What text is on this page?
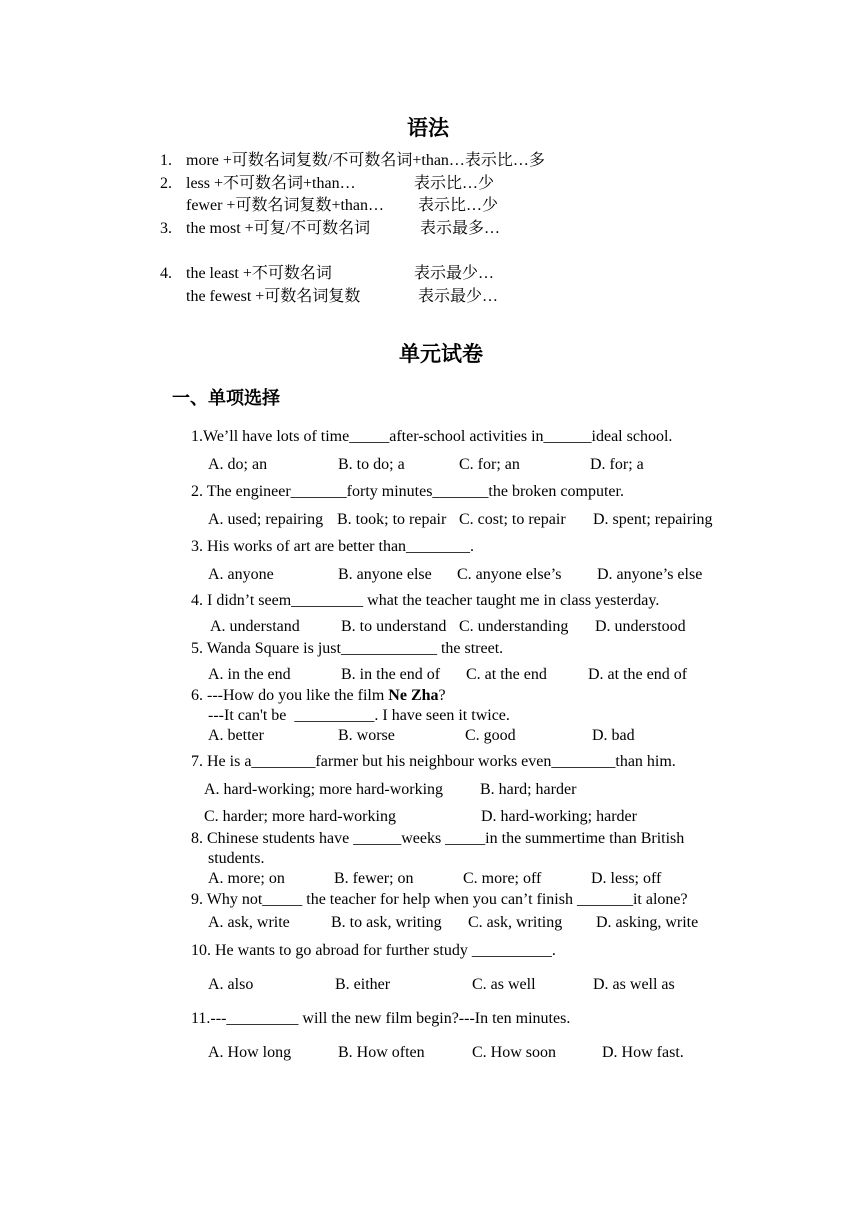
语法
1. more +可数名词复数/不可数名词+than…表示比…多
2. less +不可数名词+than…	表示比…少
fewer +可数名词复数+than… 表示比…少
3. the most +可复/不可数名词	表示最多…
4. the least +不可数名词	表示最少…
the fewest +可数名词复数	表示最少…
单元试卷
一、单项选择
1.We’ll have lots of time_____after-school activities in______ideal school.
A. do; an	B. to do; a	C. for; an	D. for; a
2. The engineer_______forty minutes_______the broken computer.
A. used; repairing B. took; to repair C. cost; to repair D. spent; repairing
3. His works of art are better than________.
A. anyone	B. anyone else C. anyone else’s D. anyone’s else
4. I didn’t seem_________ what the teacher taught me in class yesterday.
A. understand	B. to understand C. understanding D. understood
5. Wanda Square is just____________ the street.
A. in the end	B. in the end of C. at the end	D. at the end of
6. ---How do you like the film Ne Zha?
---It can't be  __________. I have seen it twice.
A. better	B. worse	C. good	D. bad
7. He is a________farmer but his neighbour works even________than him.
A. hard-working; more hard-working B. hard; harder
C. harder; more hard-working	D. hard-working; harder
8. Chinese students have ______weeks _____in the summertime than British
students.
A. more; on	B. fewer; on	C. more; off	D. less; off
9. Why not_____ the teacher for help when you can’t finish _______it alone?
A. ask, write	B. to ask, writing C. ask, writing D. asking, write
10. He wants to go abroad for further study __________.
A. also	B. either	C. as well	D. as well as
11.---_________ will the new film begin?---In ten minutes.
A. How long	B. How often	C. How soon	D. How fast.
